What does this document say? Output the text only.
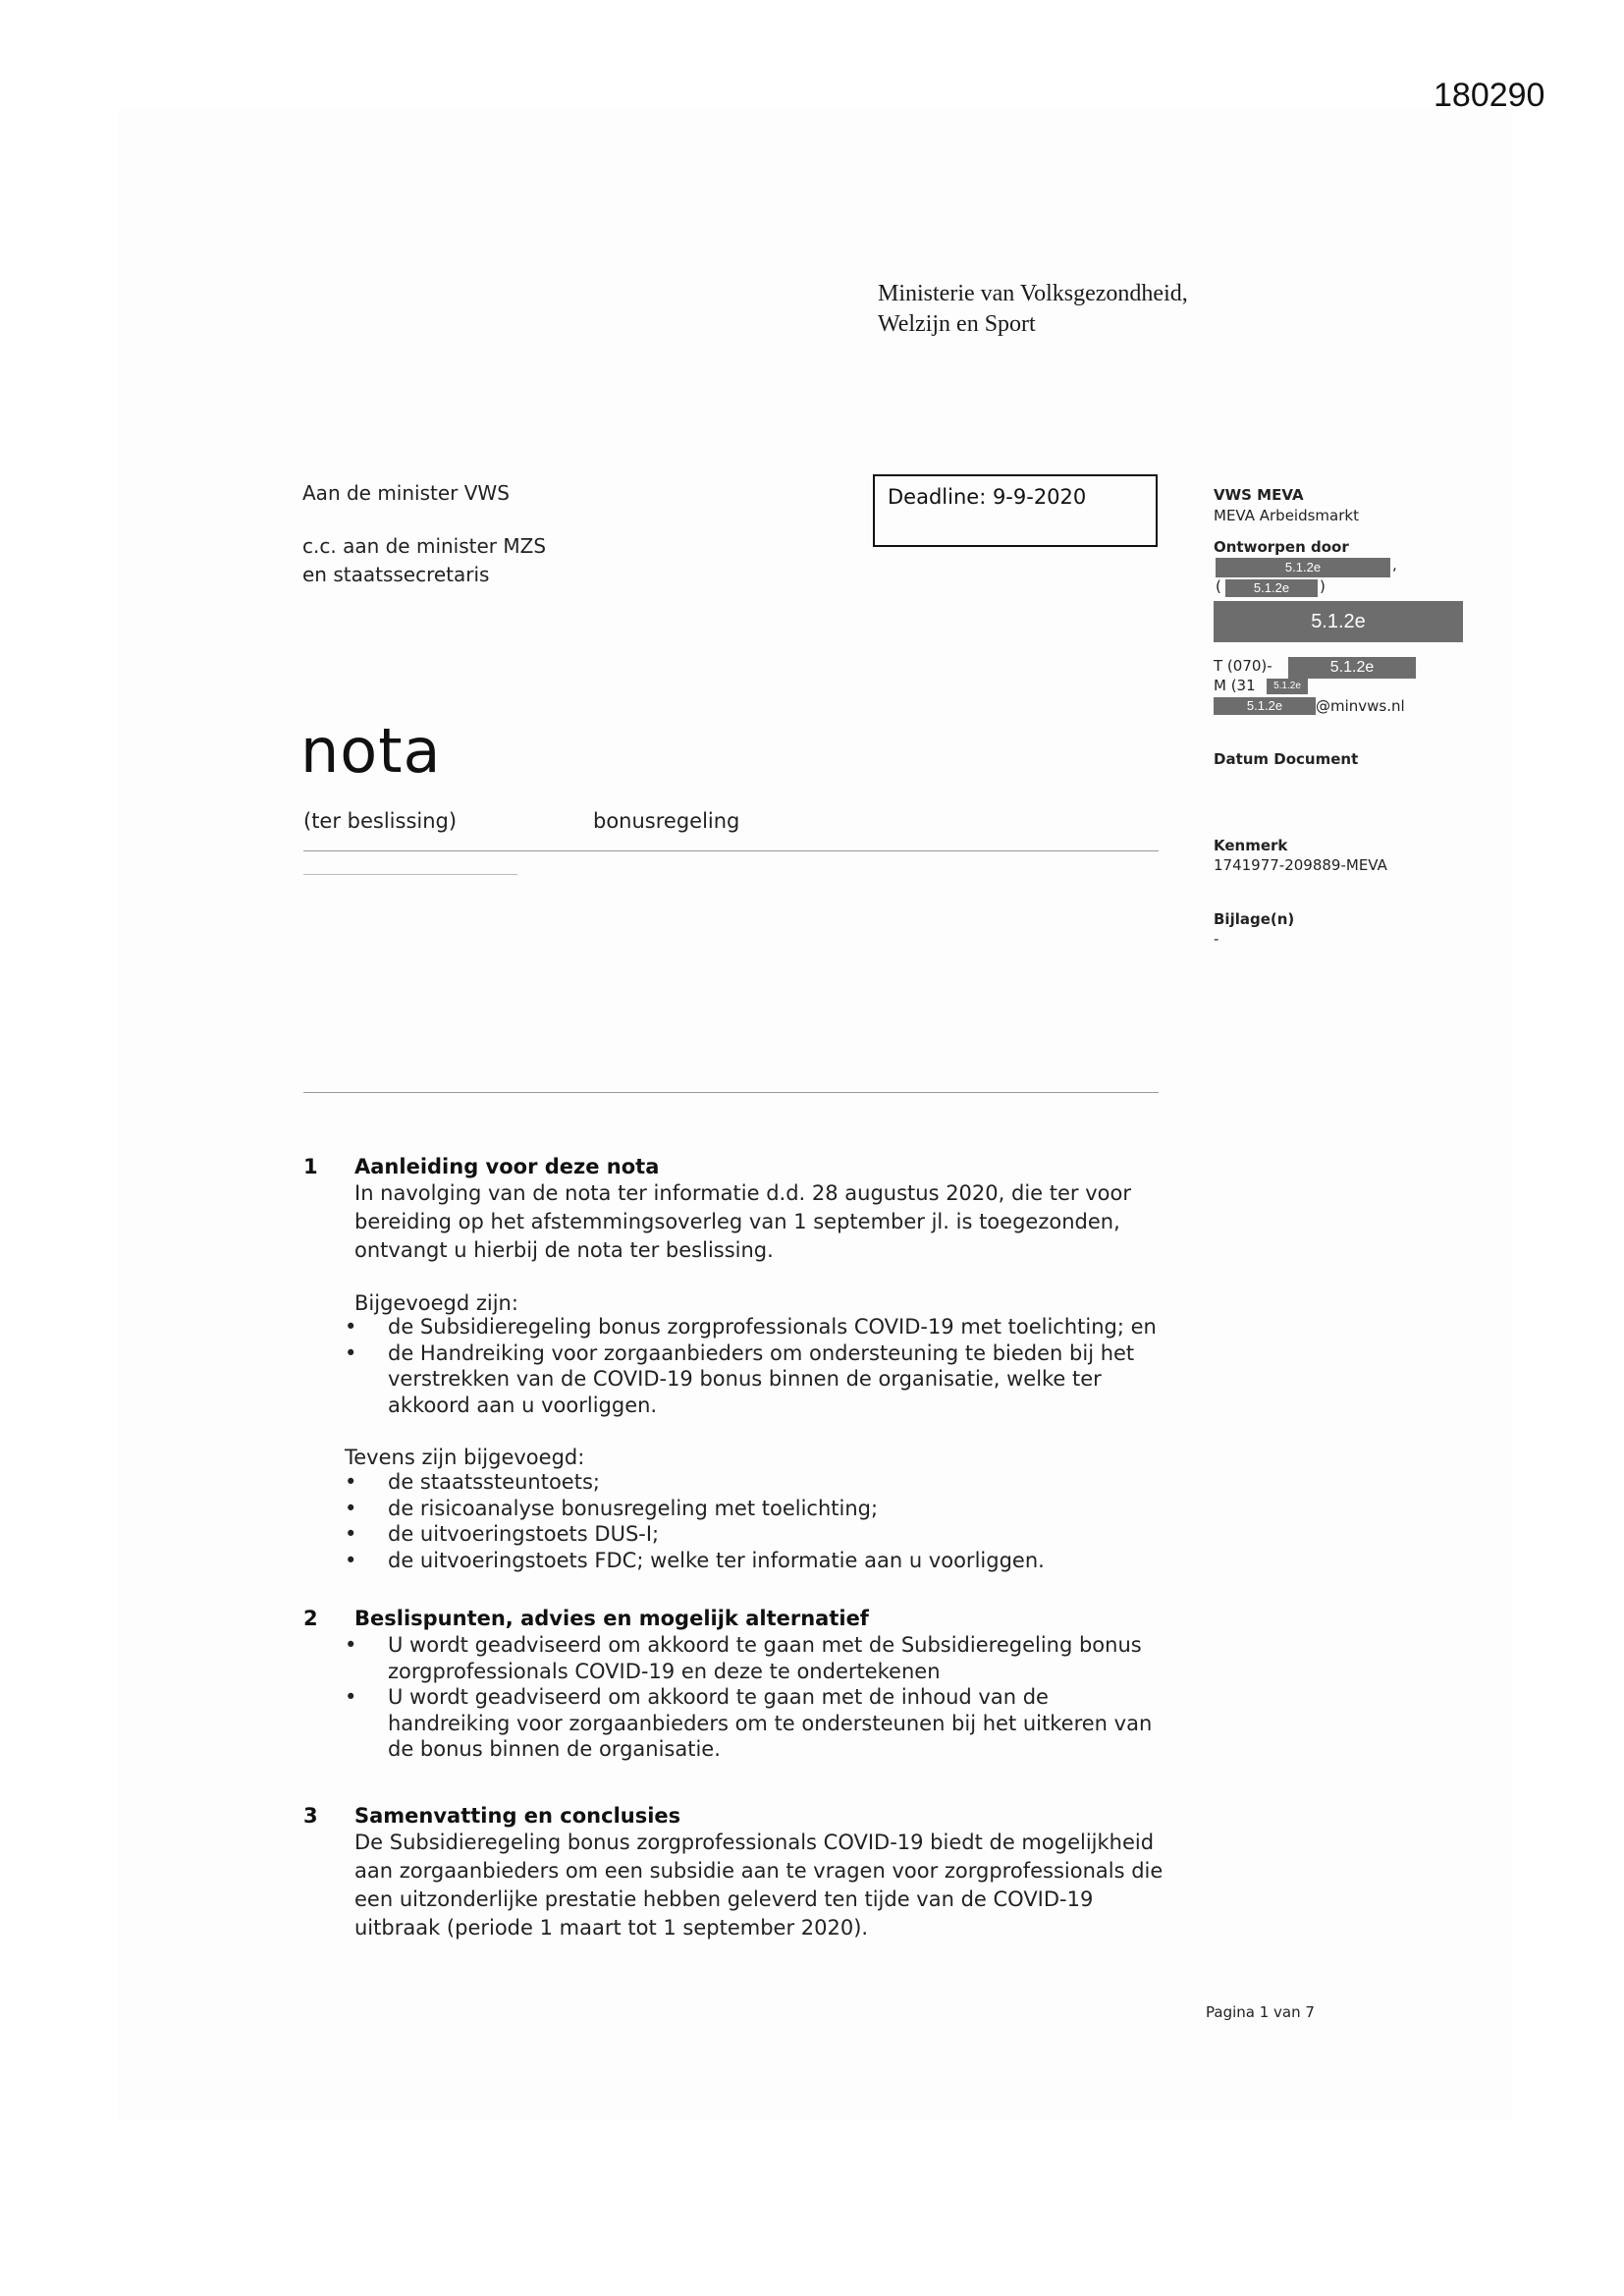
180290
Ministerie van Volksgezondheid,
Welzijn en Sport
Aan de minister VWS
c.c. aan de minister MZS
en staatssecretaris
Deadline: 9-9-2020	VWS MEVA
MEVA Arbeidsmarkt
Ontworpen door
5.1.2e	,
(	5.1.2e	)
5.1.2e
T (070)-	5.1.2e
M (31	5.1.2e
5.1.2e	@minvws.nl
Datum Document
Kenmerk
1741977-209889-MEVA
Bijlage(n)
-
nota
(ter beslissing)	bonusregeling
1 Aanleiding voor deze nota
In navolging van de nota ter informatie d.d. 28 augustus 2020, die ter voor
bereiding op het afstemmingsoverleg van 1 september jl. is toegezonden,
ontvangt u hierbij de nota ter beslissing.
Bijgevoegd zijn:
•	de Subsidieregeling bonus zorgprofessionals COVID-19 met toelichting; en
•	de Handreiking voor zorgaanbieders om ondersteuning te bieden bij het
verstrekken van de COVID-19 bonus binnen de organisatie, welke ter
akkoord aan u voorliggen.
Tevens zijn bijgevoegd:
•	de staatssteuntoets;
•	de risicoanalyse bonusregeling met toelichting;
•	de uitvoeringstoets DUS-I;
•	de uitvoeringstoets FDC; welke ter informatie aan u voorliggen.
2 Beslispunten, advies en mogelijk alternatief
•	U wordt geadviseerd om akkoord te gaan met de Subsidieregeling bonus
zorgprofessionals COVID-19 en deze te ondertekenen
•	U wordt geadviseerd om akkoord te gaan met de inhoud van de
handreiking voor zorgaanbieders om te ondersteunen bij het uitkeren van
de bonus binnen de organisatie.
3 Samenvatting en conclusies
De Subsidieregeling bonus zorgprofessionals COVID-19 biedt de mogelijkheid
aan zorgaanbieders om een subsidie aan te vragen voor zorgprofessionals die
een uitzonderlijke prestatie hebben geleverd ten tijde van de COVID-19
uitbraak (periode 1 maart tot 1 september 2020).
Pagina 1 van 7
